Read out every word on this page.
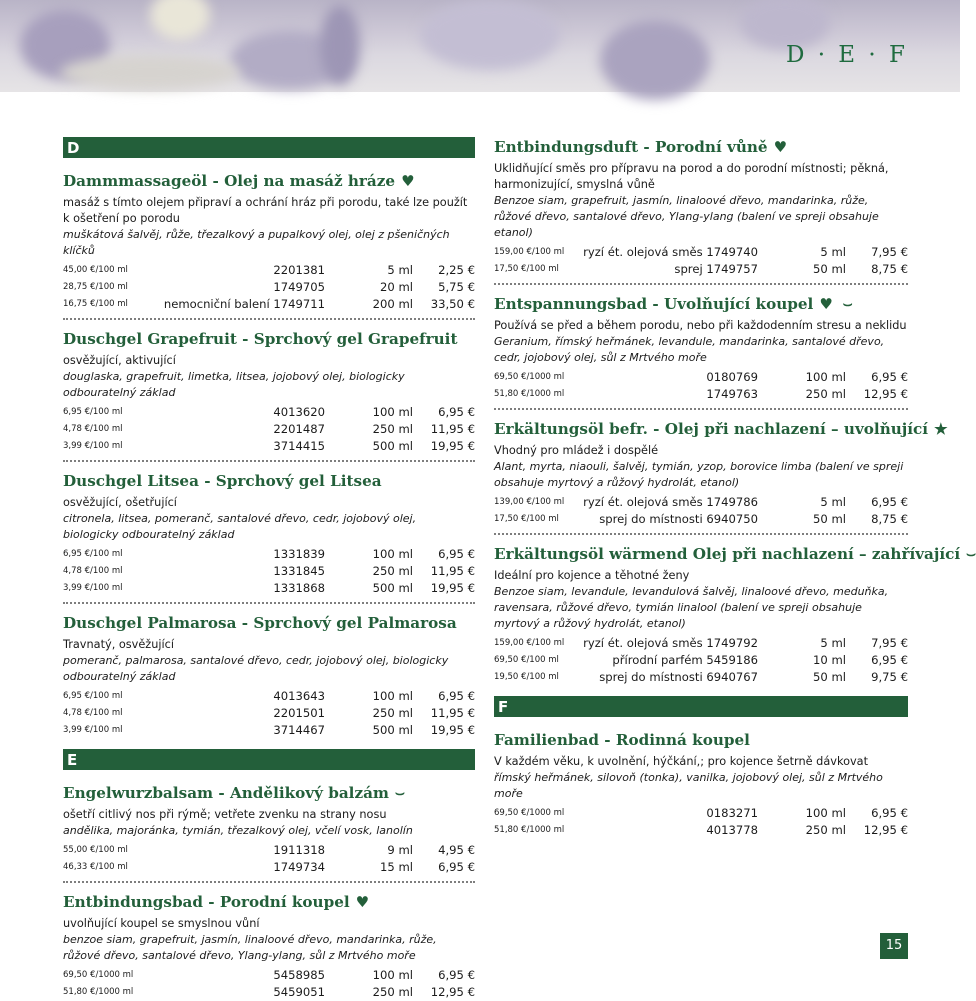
D · E · F
D
Dammmassageöl - Olej na masáž hráze ♥
masáž s tímto olejem připraví a ochrání hráz při porodu, také lze použít k ošetření po porodu
muškátová šalvěj, růže, třezalkový a pupalkový olej, olej z pšeničných klíčků
45,00 €/100 ml	2201381	5 ml 2,25 €
28,75 €/100 ml	1749705	20 ml 5,75 €
16,75 €/100 ml	nemocniční balení 1749711	200 ml 33,50 €
Duschgel Grapefruit - Sprchový gel Grapefruit
osvěžující, aktivující
douglaska, grapefruit, limetka, litsea, jojobový olej, biologicky odbouratelný základ
6,95 €/100 ml	4013620	100 ml 6,95 €
4,78 €/100 ml	2201487	250 ml 11,95 €
3,99 €/100 ml	3714415	500 ml 19,95 €
Duschgel Litsea - Sprchový gel Litsea
osvěžující, ošetřující
citronela, litsea, pomeranč, santalové dřevo, cedr, jojobový olej, biologicky odbouratelný základ
6,95 €/100 ml	1331839	100 ml 6,95 €
4,78 €/100 ml	1331845	250 ml 11,95 €
3,99 €/100 ml	1331868	500 ml 19,95 €
Duschgel Palmarosa - Sprchový gel Palmarosa
Travnatý, osvěžující
pomeranč, palmarosa, santalové dřevo, cedr, jojobový olej, biologicky odbouratelný základ
6,95 €/100 ml	4013643	100 ml 6,95 €
4,78 €/100 ml	2201501	250 ml 11,95 €
3,99 €/100 ml	3714467	500 ml 19,95 €
E
Engelwurzbalsam - Andělikový balzám ⌣
ošetří citlivý nos při rýmě; vetřete zvenku na strany nosu
andělika, majoránka, tymián, třezalkový olej, včelí vosk, lanolín
55,00 €/100 ml	1911318	9 ml 4,95 €
46,33 €/100 ml	1749734	15 ml 6,95 €
Entbindungsbad - Porodní koupel ♥
uvolňující koupel se smyslnou vůní
benzoe siam, grapefruit, jasmín, linaloové dřevo, mandarinka, růže, růžové dřevo, santalové dřevo, Ylang-ylang, sůl z Mrtvého moře
69,50 €/1000 ml	5458985	100 ml 6,95 €
51,80 €/1000 ml	5459051	250 ml 12,95 €
Entbindungsduft - Porodní vůně ♥
Uklidňující směs pro přípravu na porod a do porodní místnosti; pěkná, harmonizující, smyslná vůně
Benzoe siam, grapefruit, jasmín, linaloové dřevo, mandarinka, růže, růžové dřevo, santalové dřevo, Ylang-ylang (balení ve spreji obsahuje etanol)
159,00 €/100 ml ryzí ét. olejová směs 1749740	5 ml 7,95 €
17,50 €/100 ml	sprej 1749757	50 ml 8,75 €
Entspannungsbad - Uvolňující koupel ♥ ⌣
Používá se před a během porodu, nebo při každodenním stresu a neklidu
Geranium, římský heřmánek, levandule, mandarinka, santalové dřevo, cedr, jojobový olej, sůl z Mrtvého moře
69,50 €/1000 ml	0180769	100 ml 6,95 €
51,80 €/1000 ml	1749763	250 ml 12,95 €
Erkältungsöl befr. - Olej při nachlazení – uvolňující ★
Vhodný pro mládež i dospělé
Alant, myrta, niaouli, šalvěj, tymián, yzop, borovice limba (balení ve spreji obsahuje myrtový a růžový hydrolát, etanol)
139,00 €/100 ml ryzí ét. olejová směs 1749786	5 ml 6,95 €
17,50 €/100 ml	sprej do místnosti 6940750	50 ml 8,75 €
Erkältungsöl wärmend Olej při nachlazení – zahřívající ⌣
Ideální pro kojence a těhotné ženy
Benzoe siam, levandule, levandulová šalvěj, linaloové dřevo, meduňka, ravensara, růžové dřevo, tymián linalool (balení ve spreji obsahuje myrtový a růžový hydrolát, etanol)
159,00 €/100 ml ryzí ét. olejová směs 1749792	5 ml 7,95 €
69,50 €/100 ml	přírodní parfém 5459186	10 ml 6,95 €
19,50 €/100 ml	sprej do místnosti 6940767	50 ml 9,75 €
F
Familienbad - Rodinná koupel
V každém věku, k uvolnění, hýčkání,; pro kojence šetrně dávkovat
římský heřmánek, silovoň (tonka), vanilka, jojobový olej, sůl z Mrtvého moře
69,50 €/1000 ml	0183271	100 ml 6,95 €
51,80 €/1000 ml	4013778	250 ml 12,95 €
15
